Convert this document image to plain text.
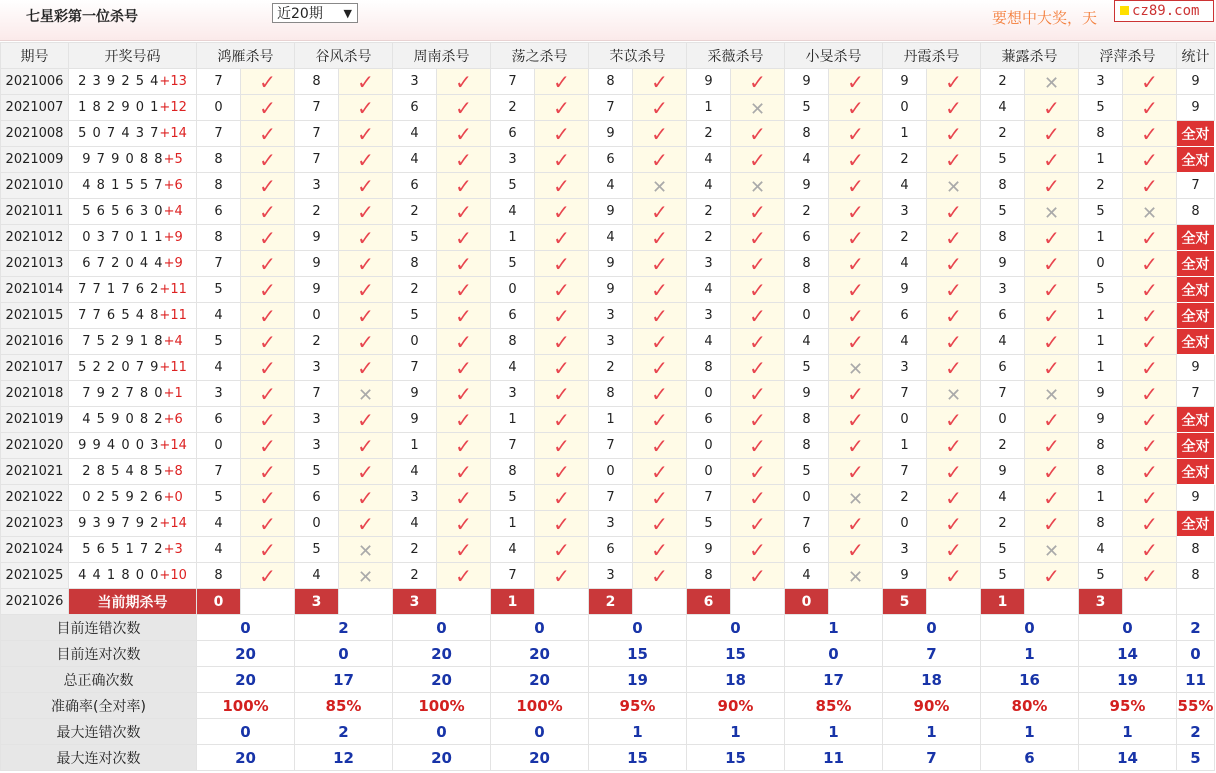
七星彩第一位杀号	近20期 ▼	要想中大奖，天	cz89.com
期号	开奖号码	鸿雁杀号		谷风杀号		周南杀号		荡之杀号		芣苡杀号		采薇杀号		小旻杀号		丹霞杀号		蒹露杀号		浮萍杀号		统计
2021006	2 3 9 2 5 4+13	7	✓	8	✓	3	✓	7	✓	8	✓	9	✓	9	✓	9	✓	2	✕	3	✓	9
2021007	1 8 2 9 0 1+12	0	✓	7	✓	6	✓	2	✓	7	✓	1	✕	5	✓	0	✓	4	✓	5	✓	9
2021008	5 0 7 4 3 7+14	7	✓	7	✓	4	✓	6	✓	9	✓	2	✓	8	✓	1	✓	2	✓	8	✓	全对
2021009	9 7 9 0 8 8+5	8	✓	7	✓	4	✓	3	✓	6	✓	4	✓	4	✓	2	✓	5	✓	1	✓	全对
2021010	4 8 1 5 5 7+6	8	✓	3	✓	6	✓	5	✓	4	✕	4	✕	9	✓	4	✕	8	✓	2	✓	7
2021011	5 6 5 6 3 0+4	6	✓	2	✓	2	✓	4	✓	9	✓	2	✓	2	✓	3	✓	5	✕	5	✕	8
2021012	0 3 7 0 1 1+9	8	✓	9	✓	5	✓	1	✓	4	✓	2	✓	6	✓	2	✓	8	✓	1	✓	全对
2021013	6 7 2 0 4 4+9	7	✓	9	✓	8	✓	5	✓	9	✓	3	✓	8	✓	4	✓	9	✓	0	✓	全对
2021014	7 7 1 7 6 2+11	5	✓	9	✓	2	✓	0	✓	9	✓	4	✓	8	✓	9	✓	3	✓	5	✓	全对
2021015	7 7 6 5 4 8+11	4	✓	0	✓	5	✓	6	✓	3	✓	3	✓	0	✓	6	✓	6	✓	1	✓	全对
2021016	7 5 2 9 1 8+4	5	✓	2	✓	0	✓	8	✓	3	✓	4	✓	4	✓	4	✓	4	✓	1	✓	全对
2021017	5 2 2 0 7 9+11	4	✓	3	✓	7	✓	4	✓	2	✓	8	✓	5	✕	3	✓	6	✓	1	✓	9
2021018	7 9 2 7 8 0+1	3	✓	7	✕	9	✓	3	✓	8	✓	0	✓	9	✓	7	✕	7	✕	9	✓	7
2021019	4 5 9 0 8 2+6	6	✓	3	✓	9	✓	1	✓	1	✓	6	✓	8	✓	0	✓	0	✓	9	✓	全对
2021020	9 9 4 0 0 3+14	0	✓	3	✓	1	✓	7	✓	7	✓	0	✓	8	✓	1	✓	2	✓	8	✓	全对
2021021	2 8 5 4 8 5+8	7	✓	5	✓	4	✓	8	✓	0	✓	0	✓	5	✓	7	✓	9	✓	8	✓	全对
2021022	0 2 5 9 2 6+0	5	✓	6	✓	3	✓	5	✓	7	✓	7	✓	0	✕	2	✓	4	✓	1	✓	9
2021023	9 3 9 7 9 2+14	4	✓	0	✓	4	✓	1	✓	3	✓	5	✓	7	✓	0	✓	2	✓	8	✓	全对
2021024	5 6 5 1 7 2+3	4	✓	5	✕	2	✓	4	✓	6	✓	9	✓	6	✓	3	✓	5	✕	4	✓	8
2021025	4 4 1 8 0 0+10	8	✓	4	✕	2	✓	7	✓	3	✓	8	✓	4	✕	9	✓	5	✓	5	✓	8
2021026	当前期杀号	0		3		3		1		2		6		0		5		1		3		
目前连错次数		0		2		0		0		0		0		1		0		0		0		2
目前连对次数		20		0		20		20		15		15		0		7		1		14		0
总正确次数		20		17		20		20		19		18		17		18		16		19		11
准确率(全对率)		100%		85%		100%		100%		95%		90%		85%		90%		80%		95%		55%
最大连错次数		0		2		0		0		1		1		1		1		1		1		2
最大连对次数		20		12		20		20		15		15		11		7		6		14		5
